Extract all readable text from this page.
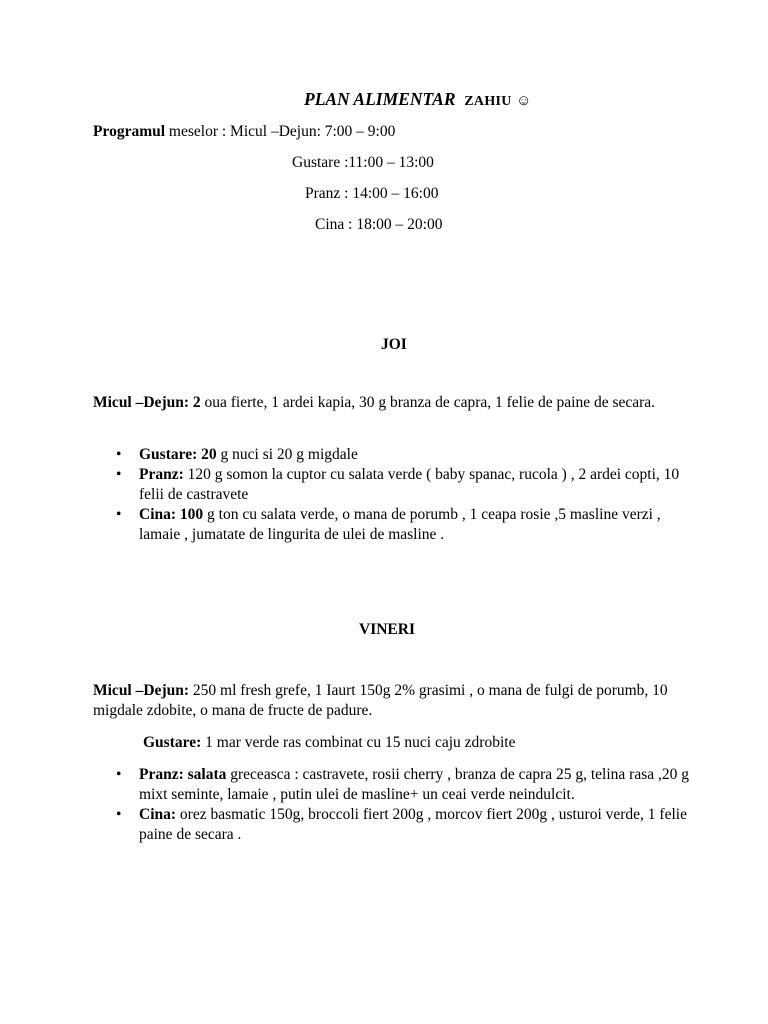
PLAN ALIMENTAR ZAHIU ☺
Programul meselor : Micul –Dejun: 7:00 – 9:00
Gustare :11:00 – 13:00
Pranz : 14:00 – 16:00
Cina : 18:00 – 20:00
JOI
Micul –Dejun: 2 oua fierte, 1 ardei kapia, 30 g branza de capra, 1 felie de paine de secara.
• Gustare: 20 g nuci si 20 g migdale
• Pranz: 120 g somon la cuptor cu salata verde ( baby spanac, rucola ) , 2 ardei copti, 10 felii de castravete
• Cina: 100 g ton cu salata verde, o mana de porumb , 1 ceapa rosie ,5 masline verzi , lamaie , jumatate de lingurita de ulei de masline .
VINERI
Micul –Dejun: 250 ml fresh grefe, 1 Iaurt 150g 2% grasimi , o mana de fulgi de porumb, 10 migdale zdobite, o mana de fructe de padure.
Gustare: 1 mar verde ras combinat cu 15 nuci caju zdrobite
• Pranz: salata greceasca : castravete, rosii cherry , branza de capra 25 g, telina rasa ,20 g mixt seminte, lamaie , putin ulei de masline+ un ceai verde neindulcit.
• Cina: orez basmatic 150g, broccoli fiert 200g , morcov fiert 200g , usturoi verde, 1 felie paine de secara .
